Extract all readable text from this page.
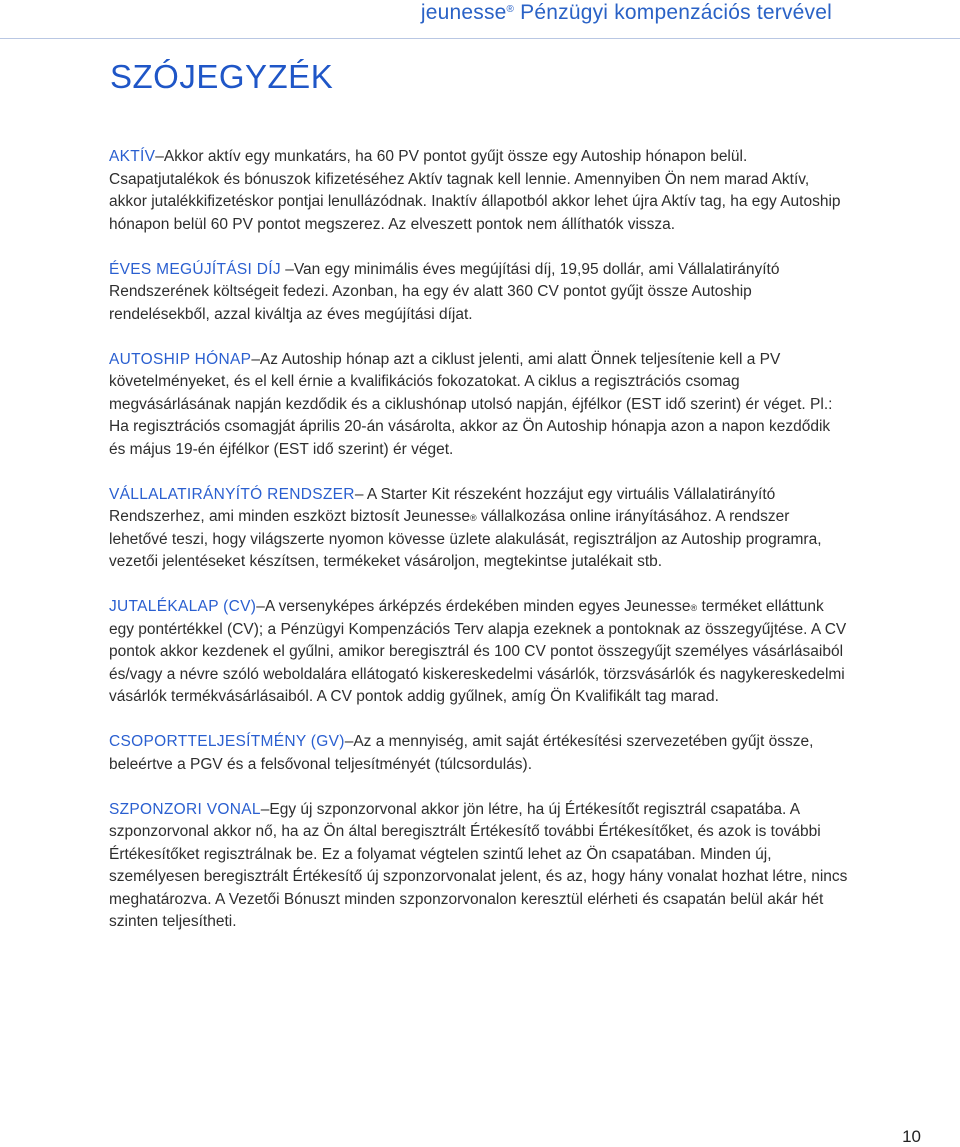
jeunesse® Pénzügyi kompenzációs tervével
SZÓJEGYZÉK

AKTÍV–Akkor aktív egy munkatárs, ha 60 PV pontot gyűjt össze egy Autoship hónapon belül. Csapatjutalékok és bónuszok kifizetéséhez Aktív tagnak kell lennie. Amennyiben Ön nem marad Aktív, akkor jutalékkifizetéskor pontjai lenullázódnak. Inaktív állapotból akkor lehet újra Aktív tag, ha egy Autoship hónapon belül 60 PV pontot megszerez. Az elveszett pontok nem állíthatók vissza.

ÉVES MEGÚJÍTÁSI DÍJ –Van egy minimális éves megújítási díj, 19,95 dollár, ami Vállalatirányító Rendszerének költségeit fedezi. Azonban, ha egy év alatt 360 CV pontot gyűjt össze Autoship rendelésekből, azzal kiváltja az éves megújítási díjat.

AUTOSHIP HÓNAP–Az Autoship hónap azt a ciklust jelenti, ami alatt Önnek teljesítenie kell a PV követelményeket, és el kell érnie a kvalifikációs fokozatokat. A ciklus a regisztrációs csomag megvásárlásának napján kezdődik és a ciklushónap utolsó napján, éjfélkor (EST idő szerint) ér véget. Pl.: Ha regisztrációs csomagját április 20-án vásárolta, akkor az Ön Autoship hónapja azon a napon kezdődik és május 19-én éjfélkor (EST idő szerint) ér véget.

VÁLLALATIRÁNYÍTÓ RENDSZER– A Starter Kit részeként hozzájut egy virtuális Vállalatirányító Rendszerhez, ami minden eszközt biztosít Jeunesse® vállalkozása online irányításához. A rendszer lehetővé teszi, hogy világszerte nyomon kövesse üzlete alakulását, regisztráljon az Autoship programra, vezetői jelentéseket készítsen, termékeket vásároljon, megtekintse jutalékait stb.

JUTALÉKALAP (CV)–A versenyképes árképzés érdekében minden egyes Jeunesse® terméket elláttunk egy pontértékkel (CV); a Pénzügyi Kompenzációs Terv alapja ezeknek a pontoknak az összegyűjtése. A CV pontok akkor kezdenek el gyűlni, amikor beregisztrál és 100 CV pontot összegyűjt személyes vásárlásaiból és/vagy a névre szóló weboldalára ellátogató kiskereskedelmi vásárlók, törzsvásárlók és nagykereskedelmi vásárlók termékvásárlásaiból. A CV pontok addig gyűlnek, amíg Ön Kvalifikált tag marad.

CSOPORTTELJESÍTMÉNY (GV)–Az a mennyiség, amit saját értékesítési szervezetében gyűjt össze, beleértve a PGV és a felsővonal teljesítményét (túlcsordulás).

SZPONZORI VONAL–Egy új szponzorvonal akkor jön létre, ha új Értékesítőt regisztrál csapatába. A szponzorvonal akkor nő, ha az Ön által beregisztrált Értékesítő további Értékesítőket, és azok is további Értékesítőket regisztrálnak be. Ez a folyamat végtelen szintű lehet az Ön csapatában. Minden új, személyesen beregisztrált Értékesítő új szponzorvonalat jelent, és az, hogy hány vonalat hozhat létre, nincs meghatározva. A Vezetői Bónuszt minden szponzorvonalon keresztül elérheti és csapatán belül akár hét szinten teljesítheti.

10
